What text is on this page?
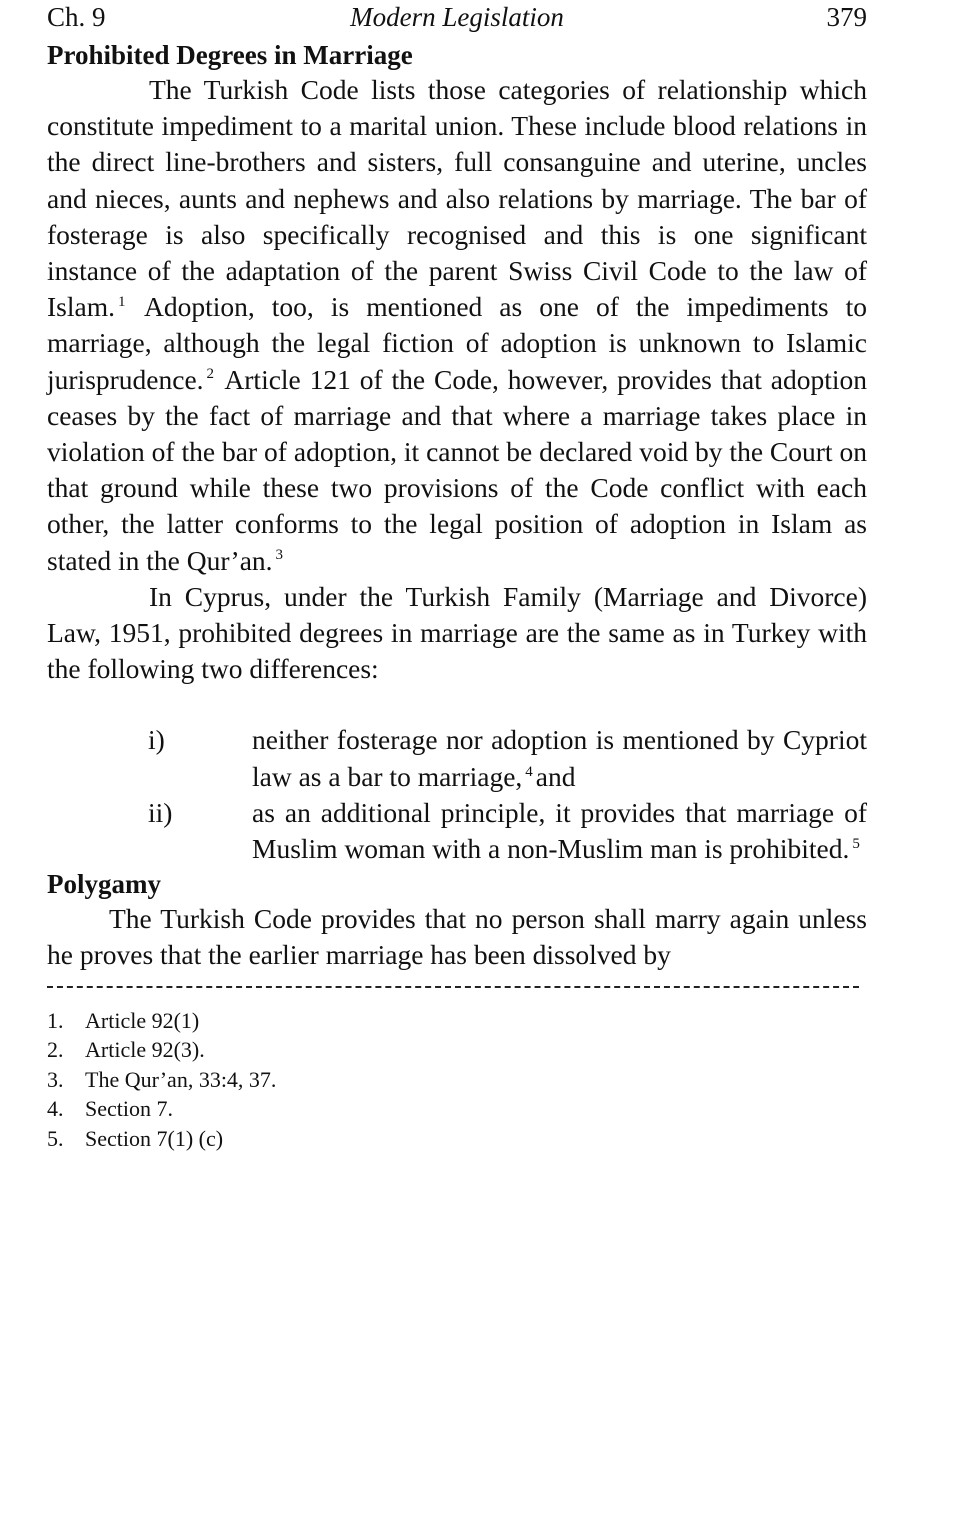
Ch. 9	Modern Legislation	379
Prohibited Degrees in Marriage

The Turkish Code lists those categories of relationship which constitute impediment to a marital union. These include blood relations in the direct line-brothers and sisters, full consanguine and uterine, uncles and nieces, aunts and nephews and also relations by marriage. The bar of fosterage is also specifically recognised and this is one significant instance of the adaptation of the parent Swiss Civil Code to the law of Islam. $^1$ Adoption, too, is mentioned as one of the impediments to marriage, although the legal fiction of adoption is unknown to Islamic jurisprudence. $^2$ Article 121 of the Code, however, provides that adoption ceases by the fact of marriage and that where a marriage takes place in violation of the bar of adoption, it cannot be declared void by the Court on that ground while these two provisions of the Code conflict with each other, the latter conforms to the legal position of adoption in Islam as stated in the Qur’an. $^3$

In Cyprus, under the Turkish Family (Marriage and Divorce) Law, 1951, prohibited degrees in marriage are the same as in Turkey with the following two differences:

i)	neither fosterage nor adoption is mentioned by Cypriot law as a bar to marriage, $^4$ and
ii)	as an additional principle, it provides that marriage of Muslim woman with a non-Muslim man is prohibited. $^5$
Polygamy

The Turkish Code provides that no person shall marry again unless he proves that the earlier marriage has been dissolved by

1. Article 92(1)
2. Article 92(3).
3. The Qur’an, 33:4, 37.
4. Section 7.
5. Section 7(1) (c)
